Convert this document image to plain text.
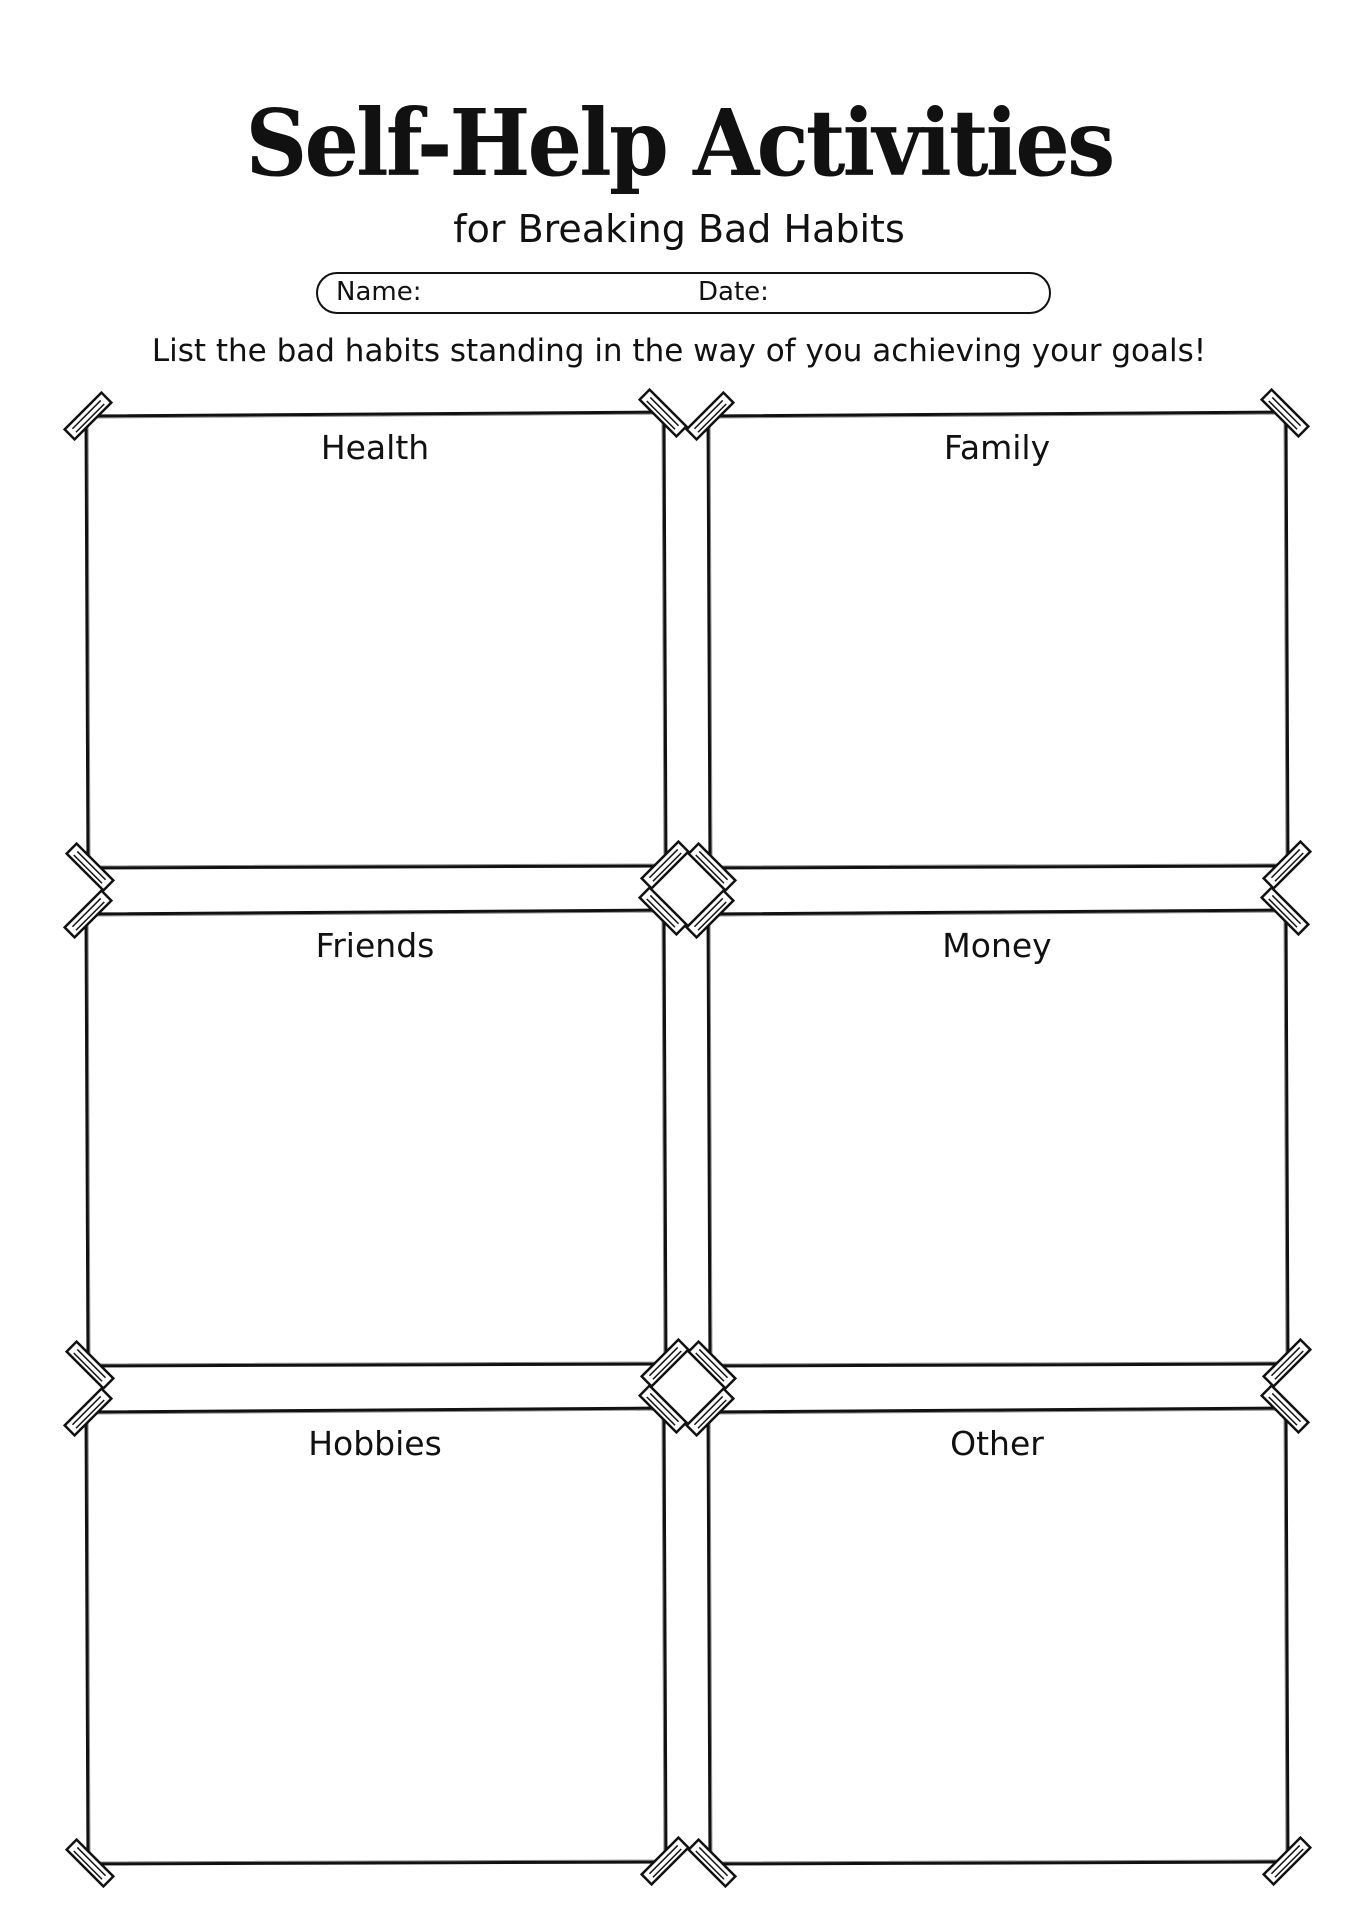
Self-Help Activities
for Breaking Bad Habits
Name:	Date:
List the bad habits standing in the way of you achieving your goals!
Health	Family
Friends	Money
Hobbies	Other
